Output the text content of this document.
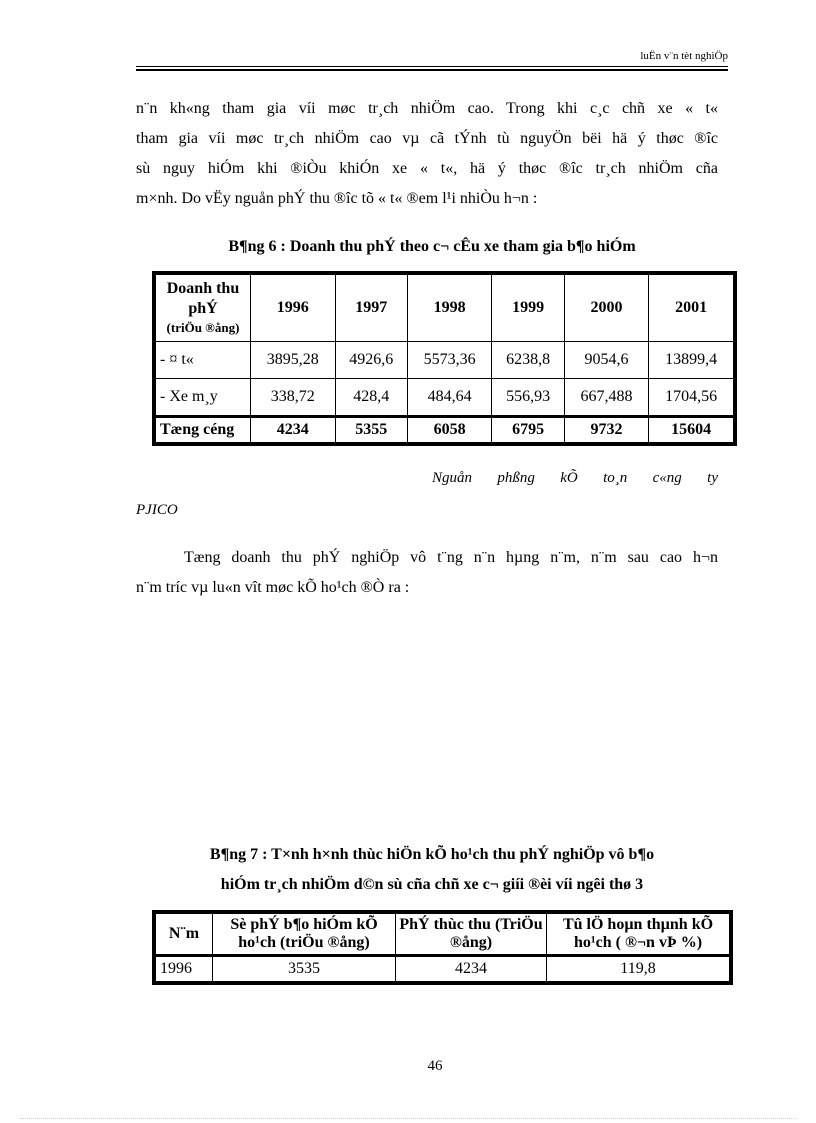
luËn v¨n tèt nghiÖp
n¨n kh«ng tham gia víi møc tr¸ch nhiÖm cao. Trong khi c¸c chñ xe « t«
tham gia víi møc tr¸ch nhiÖm cao vµ cã tÝnh tù nguyÖn bëi hä ý thøc ®îc
sù nguy hiÓm khi ®iÒu khiÓn xe « t«, hä ý thøc ®îc tr¸ch nhiÖm cña
m×nh. Do vËy nguån phÝ thu ®îc tõ « t« ®em l¹i nhiÒu h¬n :
B¶ng 6 : Doanh thu phÝ theo c¬ cÊu xe tham gia b¶o hiÓm
Doanh thu phÝ
(triÖu ®ång)	1996	1997	1998	1999	2000	2001
- ¤ t«	3895,28	4926,6	5573,36	6238,8	9054,6	13899,4
- Xe m¸y	338,72	428,4	484,64	556,93	667,488	1704,56
Tæng céng	4234	5355	6058	6795	9732	15604
Nguån phßng kÕ to¸n c«ng ty
PJICO
Tæng doanh thu phÝ nghiÖp vô t¨ng n¨n hµng n¨m, n¨m sau cao h¬n
n¨m tríc vµ lu«n vît møc kÕ ho¹ch ®Ò ra :
B¶ng 7 : T×nh h×nh thùc hiÖn kÕ ho¹ch thu phÝ nghiÖp vô b¶o
hiÓm tr¸ch nhiÖm d©n sù cña chñ xe c¬ giíi ®èi víi ngêi thø 3
N¨m	Sè phÝ b¶o hiÓm kÕ ho¹ch (triÖu ®ång)	PhÝ thùc thu (TriÖu ®ång)	Tû lÖ hoµn thµnh kÕ ho¹ch ( ®¬n vÞ %)
1996	3535	4234	119,8
46
